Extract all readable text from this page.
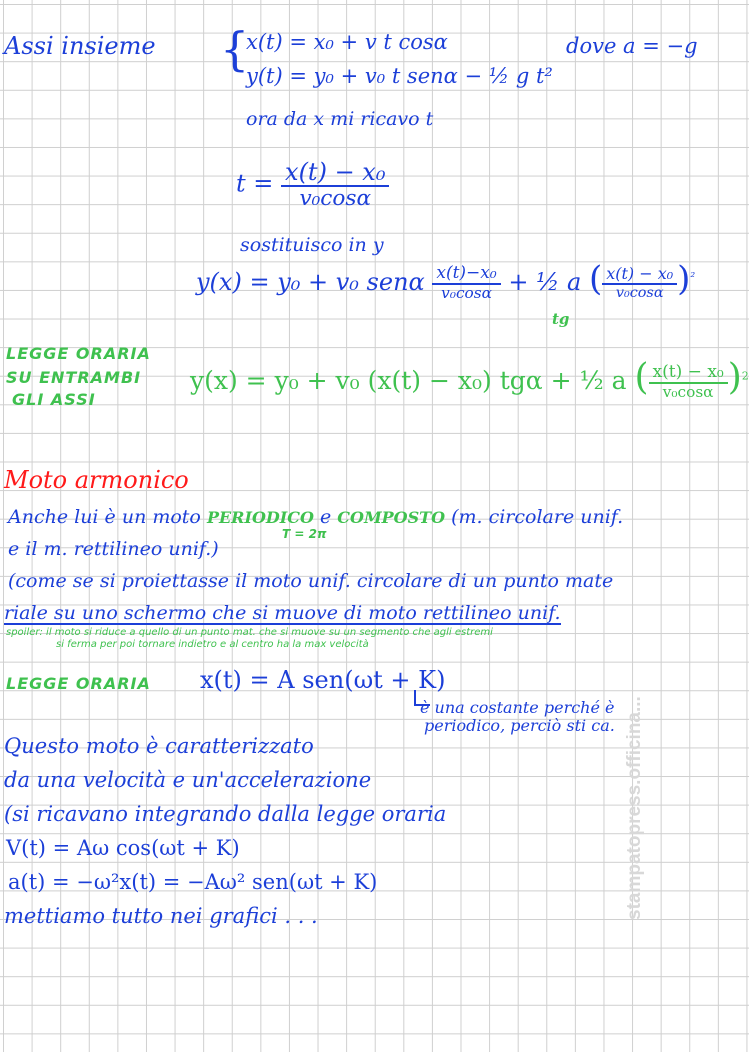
Assi insieme {
x(t) = x₀ + v t cosα
y(t) = y₀ + v₀ t senα − ½ g t²
dove a = −g
ora da x mi ricavo t
$t = \frac{\text{x(t) − x₀}}{\text{v₀cosα}}$
sostituisco in y
y(x) = y₀ + v₀ senα $\frac{\text{x(t)−x₀}}{\text{v₀cosα}}$ + ½ a ( $\frac{\text{x(t) − x₀}}{\text{v₀cosα}} )^{^2}$
tg
LEGGE ORARIA
SU ENTRAMBI
GLI ASSI
y(x) = y₀ + v₀ (x(t) − x₀) tgα + ½ a ( $\frac{\text{x(t) − x₀}}{\text{v₀cosα}} )^2$
Moto armonico
Anche lui è un moto PERIODICO e COMPOSTO (m. circolare unif.
T = 2π
e il m. rettilineo unif.)
(come se si proiettasse il moto unif. circolare di un punto mate
riale su uno schermo che si muove di moto rettilineo unif.
spoiler: il moto si riduce a quello di un punto mat. che si muove su un segmento che agli estremi
si ferma per poi tornare indietro e al centro ha la max velocità
LEGGE ORARIA x(t) = A sen(ωt + K)
è una costante perché è
periodico, perciò sti ca.
Questo moto è caratterizzato
da una velocità e un'accelerazione
(si ricavano integrando dalla legge oraria
V(t) = Aω cos(ωt + K)
a(t) = −ω²x(t) = −Aω² sen(ωt + K)
mettiamo tutto nei grafici . . .	stampatopress.officina...
